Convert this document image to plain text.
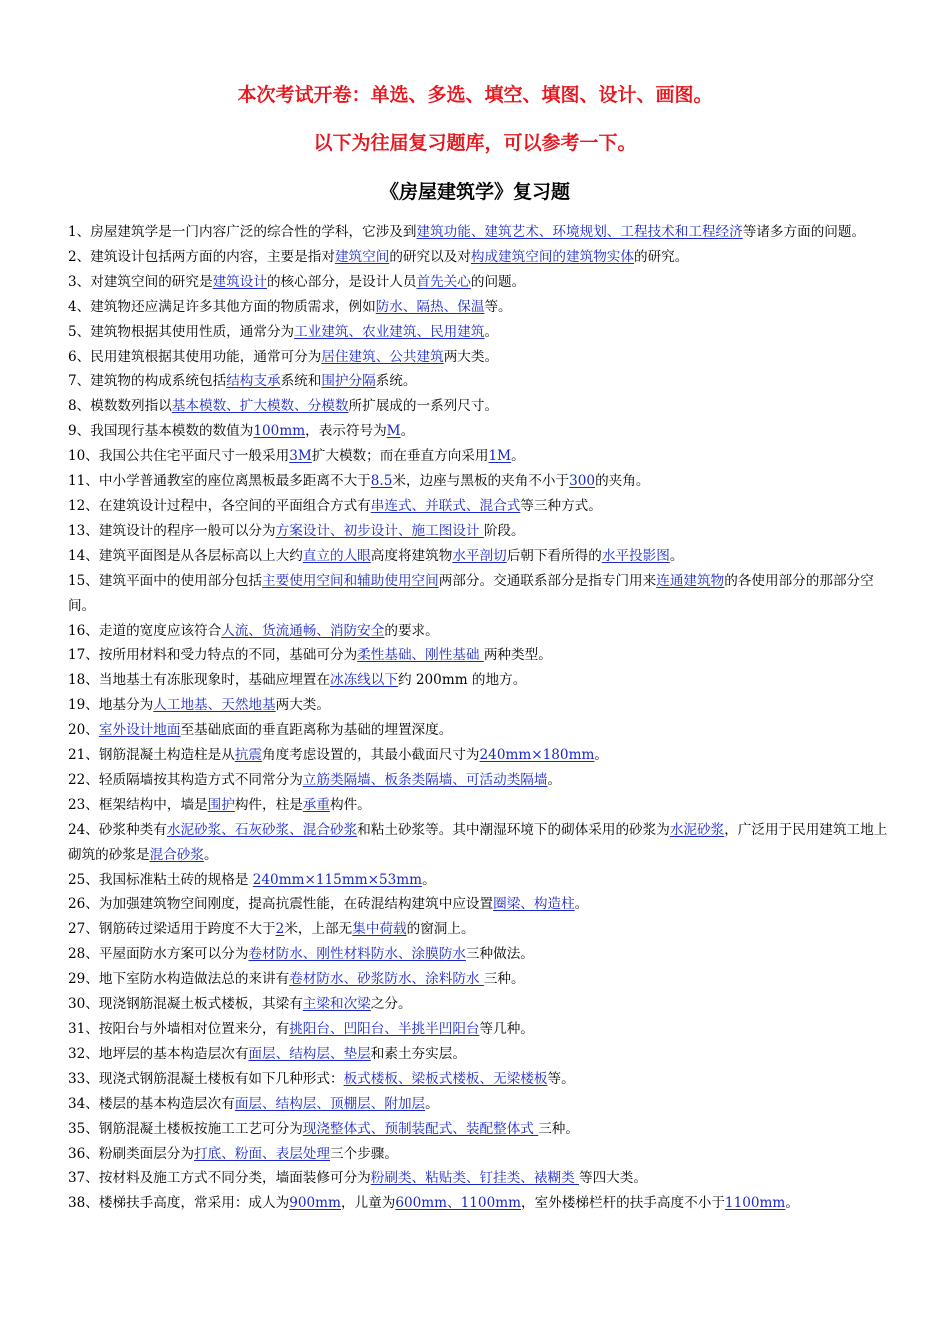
本次考试开卷：单选、多选、填空、填图、设计、画图。
以下为往届复习题库，可以参考一下。
《房屋建筑学》复习题
1、房屋建筑学是一门内容广泛的综合性的学科，它涉及到建筑功能、建筑艺术、环境规划、工程技术和工程经济等诸多方面的问题。
2、建筑设计包括两方面的内容，主要是指对建筑空间的研究以及对构成建筑空间的建筑物实体的研究。
3、对建筑空间的研究是建筑设计的核心部分，是设计人员首先关心的问题。
4、建筑物还应满足许多其他方面的物质需求，例如防水、隔热、保温等。
5、建筑物根据其使用性质，通常分为工业建筑、农业建筑、民用建筑。
6、民用建筑根据其使用功能，通常可分为居住建筑、公共建筑两大类。
7、建筑物的构成系统包括结构支承系统和围护分隔系统。
8、模数数列指以基本模数、扩大模数、分模数所扩展成的一系列尺寸。
9、我国现行基本模数的数值为100mm，表示符号为M。
10、我国公共住宅平面尺寸一般采用3M扩大模数；而在垂直方向采用1M。
11、中小学普通教室的座位离黑板最多距离不大于8.5米，边座与黑板的夹角不小于300的夹角。
12、在建筑设计过程中，各空间的平面组合方式有串连式、并联式、混合式等三种方式。
13、建筑设计的程序一般可以分为方案设计、初步设计、施工图设计 阶段。
14、建筑平面图是从各层标高以上大约直立的人眼高度将建筑物水平剖切后朝下看所得的水平投影图。
15、建筑平面中的使用部分包括主要使用空间和辅助使用空间两部分。交通联系部分是指专门用来连通建筑物的各使用部分的那部分空间。
16、走道的宽度应该符合人流、货流通畅、消防安全的要求。
17、按所用材料和受力特点的不同，基础可分为柔性基础、刚性基础 两种类型。
18、当地基土有冻胀现象时，基础应埋置在冰冻线以下约 200mm 的地方。
19、地基分为人工地基、天然地基两大类。
20、室外设计地面至基础底面的垂直距离称为基础的埋置深度。
21、钢筋混凝土构造柱是从抗震角度考虑设置的，其最小截面尺寸为240mm×180mm。
22、轻质隔墙按其构造方式不同常分为立筋类隔墙、板条类隔墙、可活动类隔墙。
23、框架结构中，墙是围护构件，柱是承重构件。
24、砂浆种类有水泥砂浆、石灰砂浆、混合砂浆和粘土砂浆等。其中潮湿环境下的砌体采用的砂浆为水泥砂浆，广泛用于民用建筑工地上砌筑的砂浆是混合砂浆。
25、我国标准粘土砖的规格是 240mm×115mm×53mm。
26、为加强建筑物空间刚度，提高抗震性能，在砖混结构建筑中应设置圈梁、构造柱。
27、钢筋砖过梁适用于跨度不大于2米，上部无集中荷载的窗洞上。
28、平屋面防水方案可以分为卷材防水、刚性材料防水、涂膜防水三种做法。
29、地下室防水构造做法总的来讲有卷材防水、砂浆防水、涂料防水 三种。
30、现浇钢筋混凝土板式楼板，其梁有主梁和次梁之分。
31、按阳台与外墙相对位置来分，有挑阳台、凹阳台、半挑半凹阳台等几种。
32、地坪层的基本构造层次有面层、结构层、垫层和素土夯实层。
33、现浇式钢筋混凝土楼板有如下几种形式：板式楼板、梁板式楼板、无梁楼板等。
34、楼层的基本构造层次有面层、结构层、顶棚层、附加层。
35、钢筋混凝土楼板按施工工艺可分为现浇整体式、预制装配式、装配整体式 三种。
36、粉刷类面层分为打底、粉面、表层处理三个步骤。
37、按材料及施工方式不同分类，墙面装修可分为粉刷类、粘贴类、钉挂类、裱糊类 等四大类。
38、楼梯扶手高度，常采用：成人为900mm，儿童为600mm、1100mm，室外楼梯栏杆的扶手高度不小于1100mm。
